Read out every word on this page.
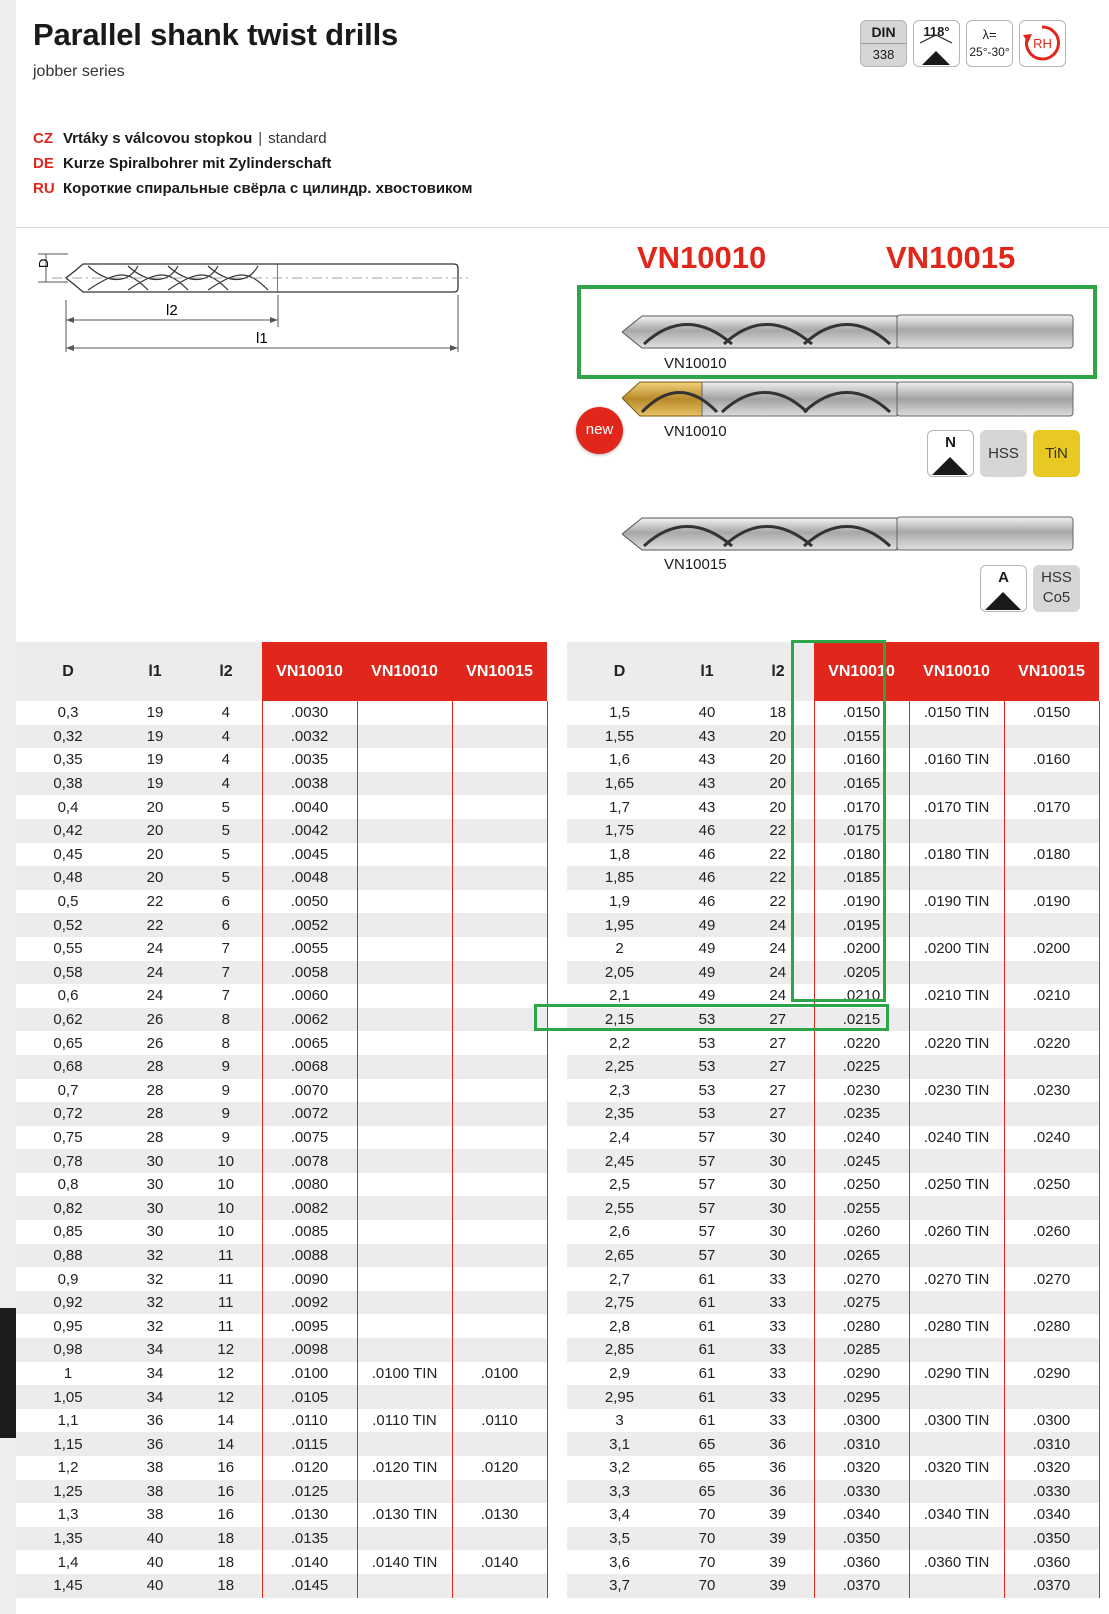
Parallel shank twist drills
jobber series
CZ Vrtáky s válcovou stopkou | standard
DE Kurze Spiralbohrer mit Zylinderschaft
RU Короткие спиральные свёрла с цилиндр. хвостовиком
DIN
338
118°	λ=
25°-30°
RH
D
l2
l1
VN10010	VN10015
VN10010
VN10010
new
N
HSS	TiN
VN10015
A	HSS
Co5
D	l1	l2	VN10010	VN10010	VN10015
0,3	19	4	.0030		
0,32	19	4	.0032		
0,35	19	4	.0035		
0,38	19	4	.0038		
0,4	20	5	.0040		
0,42	20	5	.0042		
0,45	20	5	.0045		
0,48	20	5	.0048		
0,5	22	6	.0050		
0,52	22	6	.0052		
0,55	24	7	.0055		
0,58	24	7	.0058		
0,6	24	7	.0060		
0,62	26	8	.0062		
0,65	26	8	.0065		
0,68	28	9	.0068		
0,7	28	9	.0070		
0,72	28	9	.0072		
0,75	28	9	.0075		
0,78	30	10	.0078		
0,8	30	10	.0080		
0,82	30	10	.0082		
0,85	30	10	.0085		
0,88	32	11	.0088		
0,9	32	11	.0090		
0,92	32	11	.0092		
0,95	32	11	.0095		
0,98	34	12	.0098		
1	34	12	.0100	.0100 TIN	.0100
1,05	34	12	.0105		
1,1	36	14	.0110	.0110 TIN	.0110
1,15	36	14	.0115		
1,2	38	16	.0120	.0120 TIN	.0120
1,25	38	16	.0125		
1,3	38	16	.0130	.0130 TIN	.0130
1,35	40	18	.0135		
1,4	40	18	.0140	.0140 TIN	.0140
1,45	40	18	.0145		
D	l1	l2	VN10010	VN10010	VN10015
1,5	40	18	.0150	.0150 TIN	.0150
1,55	43	20	.0155		
1,6	43	20	.0160	.0160 TIN	.0160
1,65	43	20	.0165		
1,7	43	20	.0170	.0170 TIN	.0170
1,75	46	22	.0175		
1,8	46	22	.0180	.0180 TIN	.0180
1,85	46	22	.0185		
1,9	46	22	.0190	.0190 TIN	.0190
1,95	49	24	.0195		
2	49	24	.0200	.0200 TIN	.0200
2,05	49	24	.0205		
2,1	49	24	.0210	.0210 TIN	.0210
2,15	53	27	.0215		
2,2	53	27	.0220	.0220 TIN	.0220
2,25	53	27	.0225		
2,3	53	27	.0230	.0230 TIN	.0230
2,35	53	27	.0235		
2,4	57	30	.0240	.0240 TIN	.0240
2,45	57	30	.0245		
2,5	57	30	.0250	.0250 TIN	.0250
2,55	57	30	.0255		
2,6	57	30	.0260	.0260 TIN	.0260
2,65	57	30	.0265		
2,7	61	33	.0270	.0270 TIN	.0270
2,75	61	33	.0275		
2,8	61	33	.0280	.0280 TIN	.0280
2,85	61	33	.0285		
2,9	61	33	.0290	.0290 TIN	.0290
2,95	61	33	.0295		
3	61	33	.0300	.0300 TIN	.0300
3,1	65	36	.0310		.0310
3,2	65	36	.0320	.0320 TIN	.0320
3,3	65	36	.0330		.0330
3,4	70	39	.0340	.0340 TIN	.0340
3,5	70	39	.0350		.0350
3,6	70	39	.0360	.0360 TIN	.0360
3,7	70	39	.0370		.0370
